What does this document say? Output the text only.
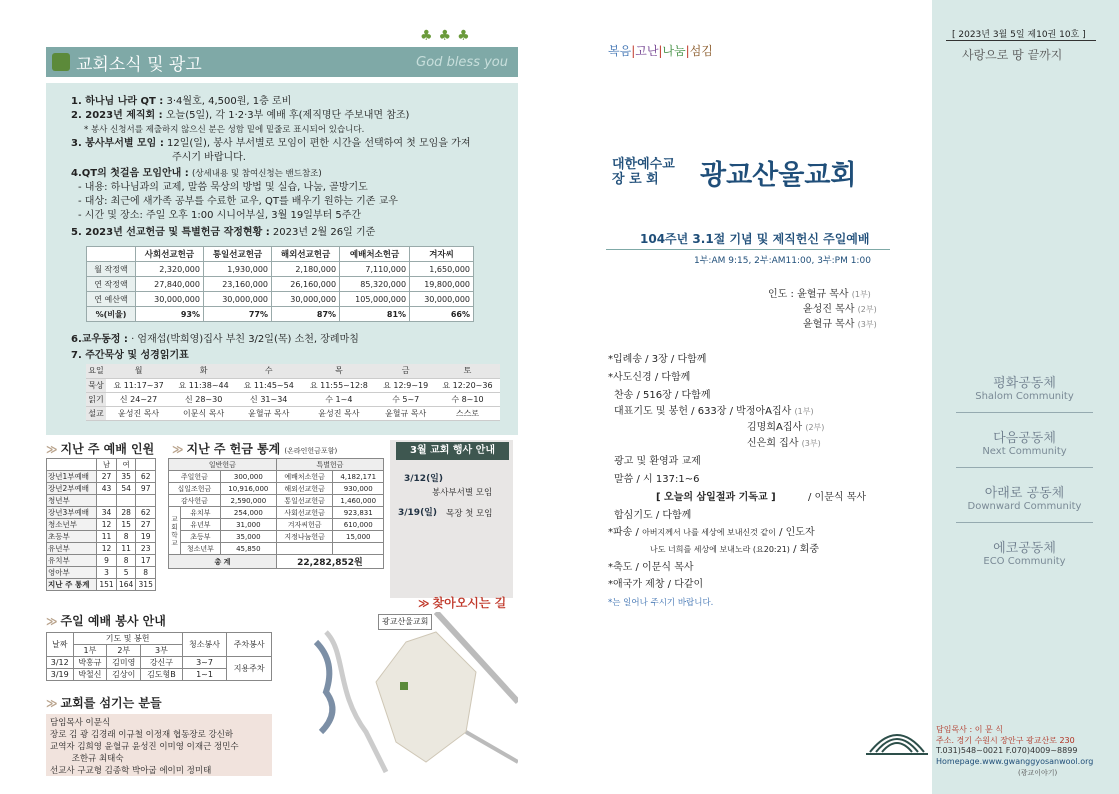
♣♣♣
교회소식 및 광고	God bless you
1. 하나님 나라 QT : 3·4월호, 4,500원, 1층 로비
2. 2023년 제직회 : 오늘(5일), 각 1·2·3부 예배 후(제직명단 주보내면 참조)
* 봉사 신청서를 제출하지 않으신 분은 성함 밑에 밑줄로 표시되어 있습니다.
3. 봉사부서별 모임 : 12일(일), 봉사 부서별로 모임이 편한 시간을 선택하여 첫 모임을 가져
주시기 바랍니다.
4.QT의 첫걸음 모임안내 : (상세내용 및 참여신청는 밴드참조)
- 내용: 하나님과의 교제, 말씀 묵상의 방법 및 실습, 나눔, 골방기도
- 대상: 최근에 새가족 공부를 수료한 교우, QT를 배우기 원하는 기존 교우
- 시간 및 장소: 주일 오후 1:00 시니어부실, 3월 19일부터 5주간
5. 2023년 선교헌금 및 특별헌금 작정현황 : 2023년 2월 26일 기준
	사회선교헌금	통일선교헌금	해외선교헌금	예배처소헌금	겨자씨
월 작정액	2,320,000	1,930,000	2,180,000	7,110,000	1,650,000
연 작정액	27,840,000	23,160,000	26,160,000	85,320,000	19,800,000
연 예산액	30,000,000	30,000,000	30,000,000	105,000,000	30,000,000
%(비율)	93%	77%	87%	81%	66%
6.교우동정 : · 엄재섭(박희영)집사 부친 3/2일(목) 소천, 장례마침
7. 주간묵상 및 성경읽기표
요일	월	화	수	목	금	토
묵상	요 11:17~37	요 11:38~44	요 11:45~54	요 11:55~12:8	요 12:9~19	요 12:20~36
읽기	신 24~27	신 28~30	신 31~34	수 1~4	수 5~7	수 8~10
설교	윤성진 목사	이문식 목사	윤혈규 목사	윤성진 목사	윤혈규 목사	스스로
≫ 지난 주 예배 인원
	남	여	
장년1부예배	27	35	62
장년2부예배	43	54	97
청년부			
장년3부예배	34	28	62
청소년부	12	15	27
초등부	11	8	19
유년부	12	11	23
유치부	9	8	17
영아부	3	5	8
지난 주 통계	151	164	315
≫ 지난 주 헌금 통계 (온라인헌금포함)
일반헌금			특별헌금	
주일헌금		300,000	예배처소헌금	4,182,171
십일조헌금		10,916,000	해외선교헌금	930,000
감사헌금		2,590,000	통일선교헌금	1,460,000
교회학교	유치부	254,000	사회선교헌금	923,831
	유년부	31,000	겨자씨헌금	610,000
	초등부	35,000	지정나눔헌금	15,000
	청소년부	45,850		
총 계			22,282,852원	
3월 교회 행사 안내
3/12(일)
봉사부서별 모임
3/19(일) 목장 첫 모임
≫ 주일 예배 봉사 안내
날짜	기도 및 봉헌			청소봉사	주차봉사
	1부	2부	3부		
3/12	박홍규	김미영	강신구	3~7	지용주차
3/19	박철신	김상이	김도형B	1~1	
≫ 교회를 섬기는 분들
담임목사 이문식
장로 김 광 김경래 이규철 이정재 협동장로 강신하
교역자 김희영 윤혈규 윤성진 이미영 이재근 정민수
조한규 최태숙
선교사 구교형 김종학 박아굽 에이미 정미태
≫ 찾아오시는 길
광교산울교회
복음|고난|나눔|섬김
대한예수교
장 로 회	광교산울교회
104주년 3.1절 기념 및 제직헌신 주일예배
1부:AM 9:15, 2부:AM11:00, 3부:PM 1:00
인도 : 윤혈규 목사 (1부)
윤성진 목사 (2부)
윤혈규 목사 (3부)
*입례송 / 3장 / 다함께
*사도신경 / 다함께
찬송 / 516장 / 다함께
대표기도 및 봉헌 / 633장 / 박정아A집사 (1부)
김명희A집사 (2부)
신은희 집사 (3부)
광고 및 환영과 교제
말씀 / 시 137:1~6
[ 오늘의 삼일절과 기독교 ]	/ 이문식 목사
합심기도 / 다함께
*파송 / 아버지께서 나를 세상에 보내신것 같이 / 인도자
나도 너희를 세상에 보내노라 (요20:21) / 회중
*축도 / 이문식 목사
*애국가 제창 / 다같이
*는 일어나 주시기 바랍니다.
[ 2023년 3월 5일 제10권 10호 ]
사랑으로 땅 끝까지
평화공동체
Shalom Community
다음공동체
Next Community
아래로 공동체
Downward Community
에코공동체
ECO Community
담임목사 : 이 문 식
주소. 경기 수원시 장안구 광교산로 230
T.031)548~0021 F.070)4009~8899
Homepage.www.gwanggyosanwool.org
(광교이야기)
